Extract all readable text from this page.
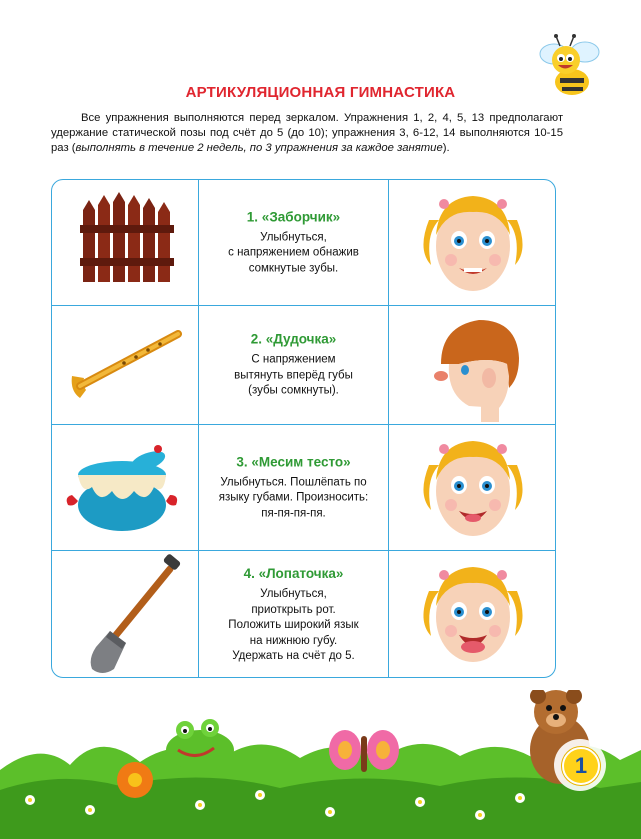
АРТИКУЛЯЦИОННАЯ ГИМНАСТИКА
Все упражнения выполняются перед зеркалом. Упражнения 1, 2, 4, 5, 13 предполагают удержание статической позы под счёт до 5 (до 10); упражнения 3, 6-12, 14 выполняются 10-15 раз (выполнять в течение 2 недель, по 3 упражнения за каждое занятие).
1. «Заборчик»
Улыбнуться,
с напряжением обнажив
сомкнутые зубы.
2. «Дудочка»
С напряжением
вытянуть вперёд губы
(зубы сомкнуты).
3. «Месим тесто»
Улыбнуться. Пошлёпать по
языку губами. Произносить:
пя-пя-пя-пя.
4. «Лопаточка»
Улыбнуться,
приоткрыть рот.
Положить широкий язык
на нижнюю губу.
Удержать на счёт до 5.
1
